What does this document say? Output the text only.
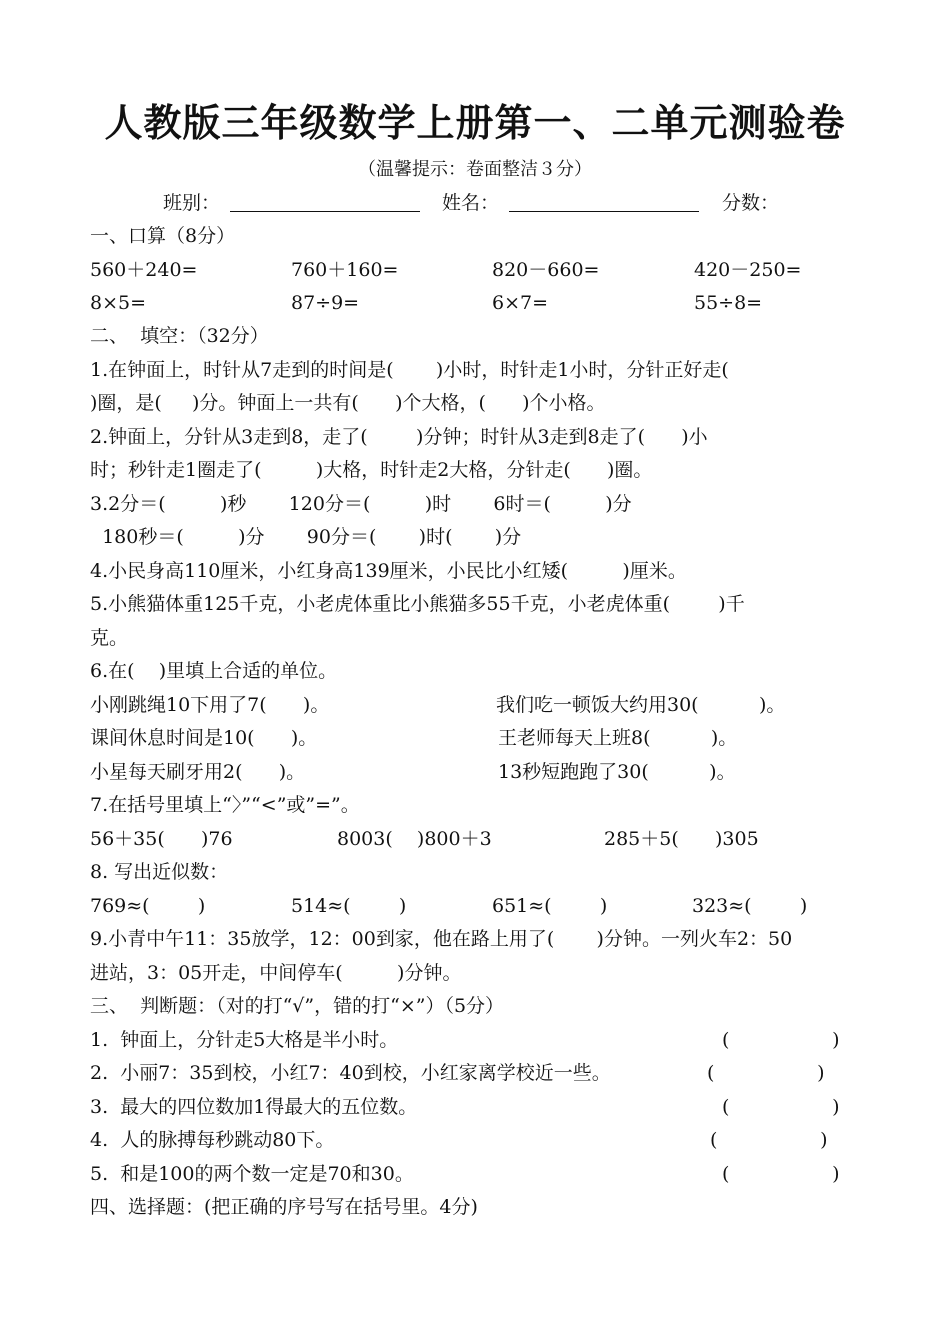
人教版三年级数学上册第一、二单元测验卷
（温馨提示：卷面整洁３分）
班别：	姓名：	分数：
一、口算（8分）
560＋240=	760＋160=	820－660=	420－250=
8×5=	87÷9=	6×7=	55÷8=
二、  填空：（32分）
1.在钟面上，时针从7走到的时间是(       )小时，时针走1小时，分针正好走(
)圈，是(     )分。钟面上一共有(      )个大格，(      )个小格。
2.钟面上，分针从3走到8，走了(        )分钟；时针从3走到8走了(      )小
时；秒针走1圈走了(         )大格，时针走2大格，分针走(      )圈。
3.2分＝(         )秒       120分＝(         )时       6时＝(         )分
180秒＝(         )分       90分＝(       )时(       )分
4.小民身高110厘米，小红身高139厘米，小民比小红矮(         )厘米。
5.小熊猫体重125千克，小老虎体重比小熊猫多55千克，小老虎体重(        )千
克。
6.在(    )里填上合适的单位。
小刚跳绳10下用了7(      )。	我们吃一顿饭大约用30(          )。
课间休息时间是10(      )。	王老师每天上班8(          )。
小星每天刷牙用2(      )。	13秒短跑跑了30(          )。
7.在括号里填上“〉”“<”或”=”。
56＋35(      )76	8003(    )800＋3	285＋5(      )305
8. 写出近似数：
769≈(        )	514≈(        )	651≈(        )	323≈(        )
9.小青中午11：35放学，12：00到家，他在路上用了(       )分钟。一列火车2：50
进站，3：05开走，中间停车(         )分钟。
三、  判断题：（对的打“√”，错的打“×”）（5分）
1.  钟面上，分针走5大格是半小时。	(                 )
2.  小丽7：35到校，小红7：40到校，小红家离学校近一些。	(                 )
3.  最大的四位数加1得最大的五位数。	(                 )
4.  人的脉搏每秒跳动80下。	(                 )
5.  和是100的两个数一定是70和30。	(                 )
四、选择题：(把正确的序号写在括号里。4分)
